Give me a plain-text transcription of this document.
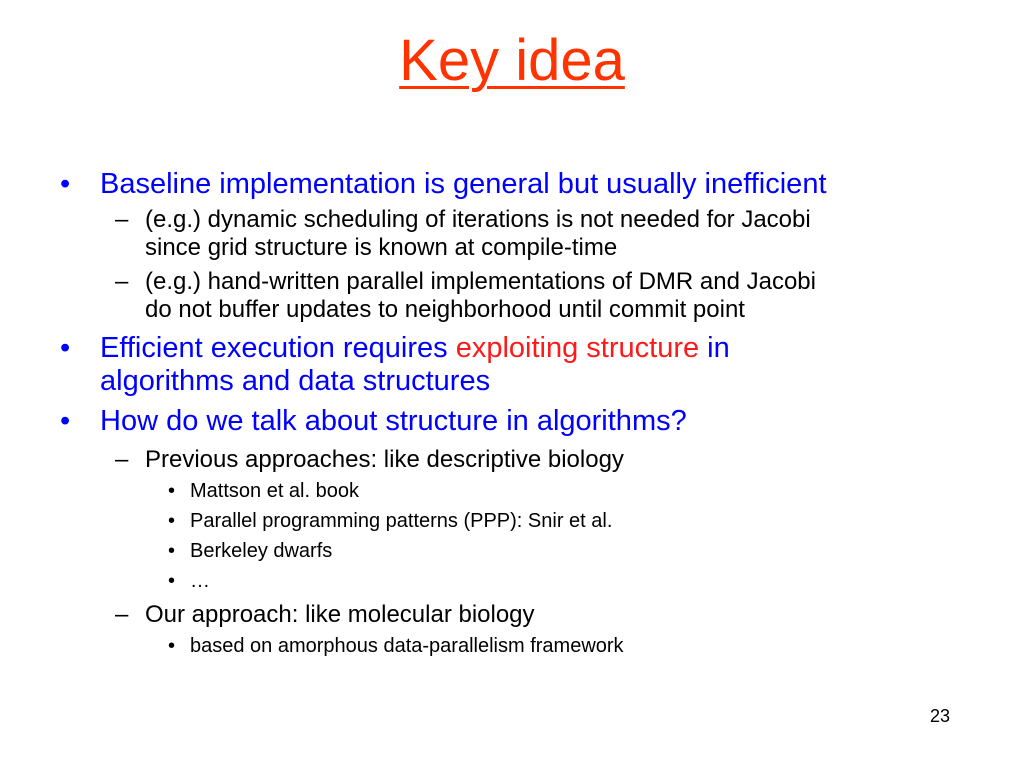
Key idea
• Baseline implementation is general but usually inefficient
– (e.g.) dynamic scheduling of iterations is not needed for Jacobi
since grid structure is known at compile-time
– (e.g.) hand-written parallel implementations of DMR and Jacobi
do not buffer updates to neighborhood until commit point
• Efficient execution requires exploiting structure in
algorithms and data structures
• How do we talk about structure in algorithms?
– Previous approaches: like descriptive biology
• Mattson et al. book
• Parallel programming patterns (PPP): Snir et al.
• Berkeley dwarfs
• …
– Our approach: like molecular biology
• based on amorphous data-parallelism framework
23
